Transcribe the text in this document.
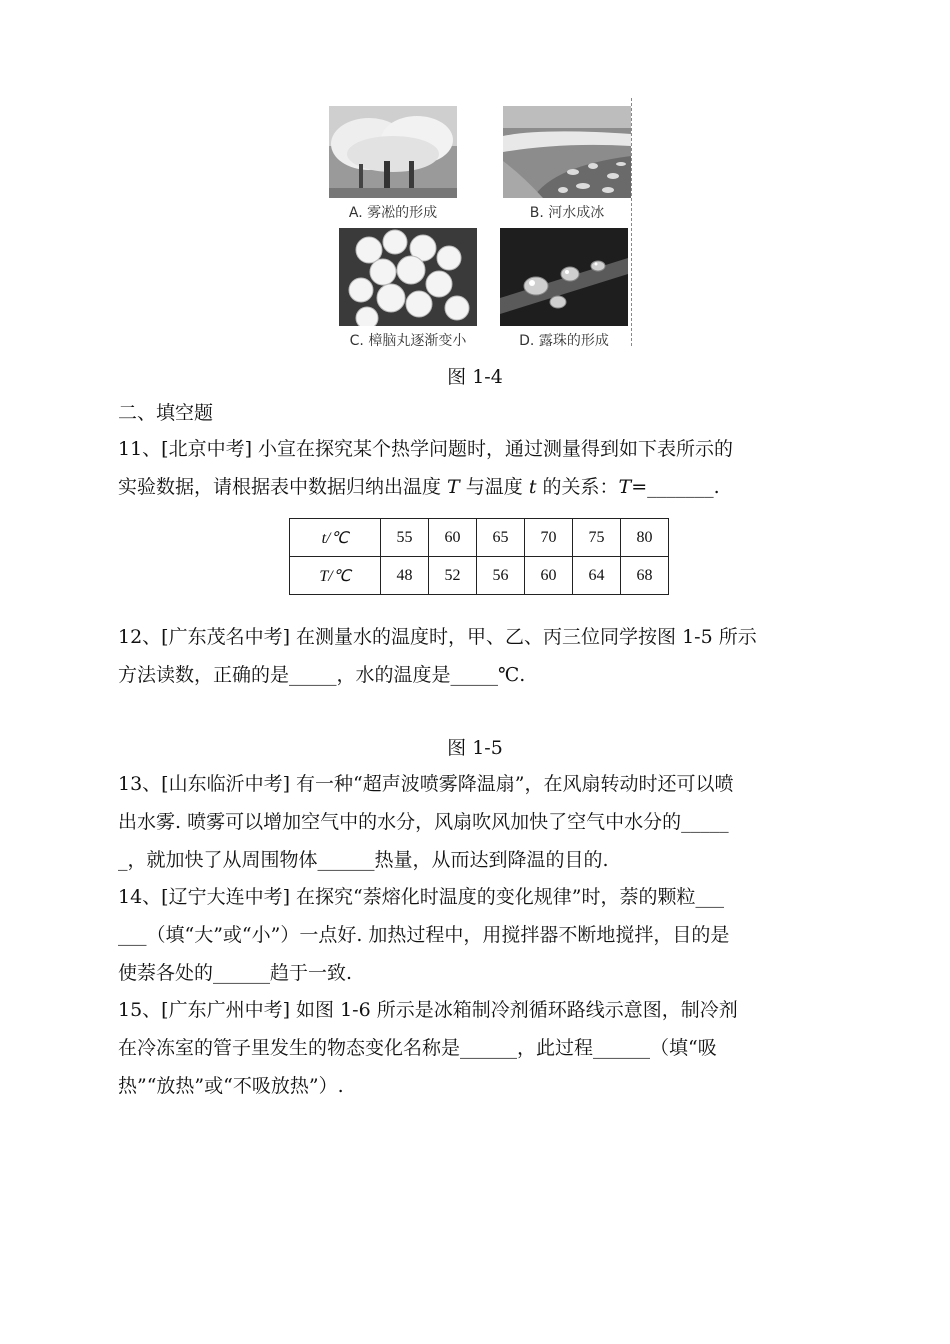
A. 雾凇的形成	B. 河水成冰
C. 樟脑丸逐渐变小	D. 露珠的形成
图 1-4
二、填空题
11、[北京中考] 小宣在探究某个热学问题时，通过测量得到如下表所示的
实验数据，请根据表中数据归纳出温度 T 与温度 t 的关系：T=_______.
t/℃	55	60	65	70	75	80
T/℃	48	52	56	60	64	68
12、[广东茂名中考] 在测量水的温度时，甲、乙、丙三位同学按图 1-5 所示
方法读数，正确的是_____，水的温度是_____℃.
图 1-5
13、[山东临沂中考] 有一种“超声波喷雾降温扇”，在风扇转动时还可以喷
出水雾. 喷雾可以增加空气中的水分，风扇吹风加快了空气中水分的_____
_，就加快了从周围物体______热量，从而达到降温的目的.
14、[辽宁大连中考] 在探究“萘熔化时温度的变化规律”时，萘的颗粒___
___（填“大”或“小”）一点好. 加热过程中，用搅拌器不断地搅拌，目的是
使萘各处的______趋于一致.
15、[广东广州中考] 如图 1-6 所示是冰箱制冷剂循环路线示意图，制冷剂
在冷冻室的管子里发生的物态变化名称是______，此过程______（填“吸
热”“放热”或“不吸放热”）.
